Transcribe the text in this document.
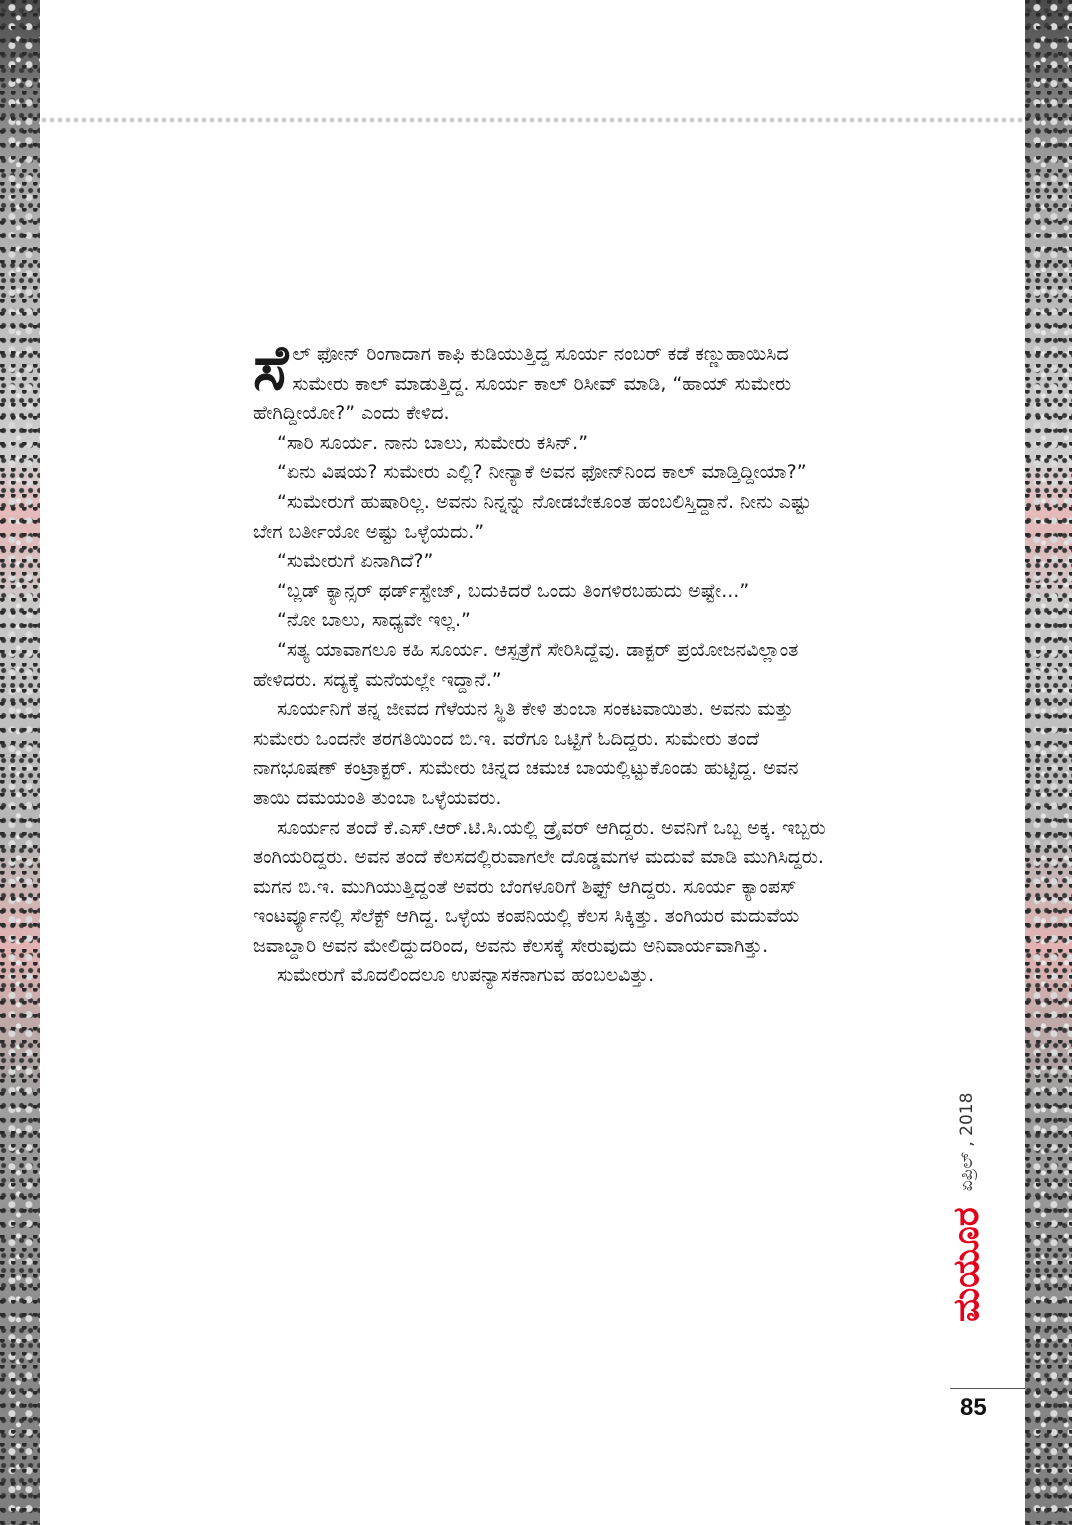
ಸೆಲ್ ಫೋನ್ ರಿಂಗಾದಾಗ ಕಾಫಿ ಕುಡಿಯುತ್ತಿದ್ದ ಸೂರ್ಯ ನಂಬರ್ ಕಡೆ ಕಣ್ಣುಹಾಯಿಸಿದ ಸುಮೇರು ಕಾಲ್ ಮಾಡುತ್ತಿದ್ದ. ಸೂರ್ಯ ಕಾಲ್ ರಿಸೀವ್ ಮಾಡಿ, “ಹಾಯ್ ಸುಮೇರು ಹೇಗಿದ್ದೀಯೋ?” ಎಂದು ಕೇಳಿದ.

“ಸಾರಿ ಸೂರ್ಯ. ನಾನು ಬಾಲು, ಸುಮೇರು ಕಸಿನ್.”

“ಏನು ವಿಷಯ? ಸುಮೇರು ಎಲ್ಲಿ? ನೀನ್ಯಾಕೆ ಅವನ ಫೋನ್‌ನಿಂದ ಕಾಲ್ ಮಾಡ್ತಿದ್ದೀಯಾ?”

“ಸುಮೇರುಗೆ ಹುಷಾರಿಲ್ಲ. ಅವನು ನಿನ್ನನ್ನು ನೋಡಬೇಕೂಂತ ಹಂಬಲಿಸ್ತಿದ್ದಾನೆ. ನೀನು ಎಷ್ಟು ಬೇಗ ಬರ್ತೀಯೋ ಅಷ್ಟು ಒಳ್ಳೆಯದು.”

“ಸುಮೇರುಗೆ ಏನಾಗಿದೆ?”

“ಬ್ಲಡ್ ಕ್ಯಾನ್ಸರ್ ಥರ್ಡ್‌ಸ್ಟೇಜ್, ಬದುಕಿದರೆ ಒಂದು ತಿಂಗಳಿರಬಹುದು ಅಷ್ಟೇ...”

“ನೋ ಬಾಲು, ಸಾಧ್ಯವೇ ಇಲ್ಲ.”

“ಸತ್ಯ ಯಾವಾಗಲೂ ಕಹಿ ಸೂರ್ಯ. ಆಸ್ಪತ್ರೆಗೆ ಸೇರಿಸಿದ್ದೆವು. ಡಾಕ್ಟರ್ ಪ್ರಯೋಜನವಿಲ್ಲಾಂತ ಹೇಳಿದರು. ಸದ್ಯಕ್ಕೆ ಮನೆಯಲ್ಲೇ ಇದ್ದಾನೆ.”

ಸೂರ್ಯನಿಗೆ ತನ್ನ ಜೀವದ ಗೆಳೆಯನ ಸ್ಥಿತಿ ಕೇಳಿ ತುಂಬಾ ಸಂಕಟವಾಯಿತು. ಅವನು ಮತ್ತು ಸುಮೇರು ಒಂದನೇ ತರಗತಿಯಿಂದ ಬಿ.ಇ. ವರೆಗೂ ಒಟ್ಟಿಗೆ ಓದಿದ್ದರು. ಸುಮೇರು ತಂದೆ ನಾಗಭೂಷಣ್ ಕಂಟ್ರಾಕ್ಟರ್. ಸುಮೇರು ಚಿನ್ನದ ಚಮಚ ಬಾಯಲ್ಲಿಟ್ಟುಕೊಂಡು ಹುಟ್ಟಿದ್ದ. ಅವನ ತಾಯಿ ದಮಯಂತಿ ತುಂಬಾ ಒಳ್ಳೆಯವರು.

ಸೂರ್ಯನ ತಂದೆ ಕೆ.ಎಸ್.ಆರ್.ಟಿ.ಸಿ.ಯಲ್ಲಿ ಡ್ರೈವರ್ ಆಗಿದ್ದರು. ಅವನಿಗೆ ಒಬ್ಬ ಅಕ್ಕ. ಇಬ್ಬರು ತಂಗಿಯರಿದ್ದರು. ಅವನ ತಂದೆ ಕೆಲಸದಲ್ಲಿರುವಾಗಲೇ ದೊಡ್ಡಮಗಳ ಮದುವೆ ಮಾಡಿ ಮುಗಿಸಿದ್ದರು. ಮಗನ ಬಿ.ಇ. ಮುಗಿಯುತ್ತಿದ್ದಂತೆ ಅವರು ಬೆಂಗಳೂರಿಗೆ ಶಿಫ್ಟ್ ಆಗಿದ್ದರು. ಸೂರ್ಯ ಕ್ಯಾಂಪಸ್ ಇಂಟರ್ವ್ಯೂನಲ್ಲಿ ಸೆಲೆಕ್ಟ್ ಆಗಿದ್ದ. ಒಳ್ಳೆಯ ಕಂಪನಿಯಲ್ಲಿ ಕೆಲಸ ಸಿಕ್ಕಿತ್ತು. ತಂಗಿಯರ ಮದುವೆಯ ಜವಾಬ್ದಾರಿ ಅವನ ಮೇಲಿದ್ದುದರಿಂದ, ಅವನು ಕೆಲಸಕ್ಕೆ ಸೇರುವುದು ಅನಿವಾರ್ಯವಾಗಿತ್ತು.

ಸುಮೇರುಗೆ ಮೊದಲಿಂದಲೂ ಉಪನ್ಯಾಸಕನಾಗುವ ಹಂಬಲವಿತ್ತು.

ಮಯೂರಏಪ್ರಿಲ್ , 2018
85
